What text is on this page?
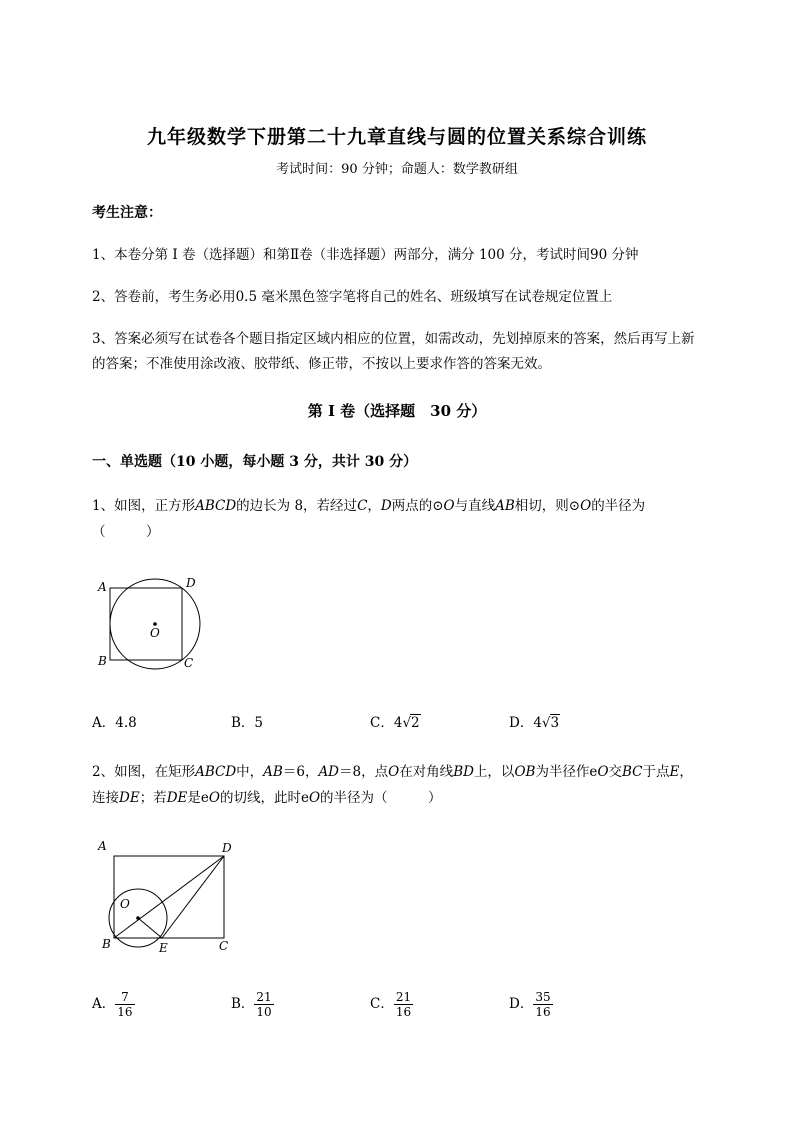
九年级数学下册第二十九章直线与圆的位置关系综合训练
考试时间：90 分钟；命题人：数学教研组
考生注意：
1、本卷分第 I 卷（选择题）和第Ⅱ卷（非选择题）两部分，满分 100 分，考试时间90 分钟
2、答卷前，考生务必用0.5 毫米黑色签字笔将自己的姓名、班级填写在试卷规定位置上
3、答案必须写在试卷各个题目指定区域内相应的位置，如需改动，先划掉原来的答案，然后再写上新
的答案；不准使用涂改液、胶带纸、修正带，不按以上要求作答的答案无效。
第 I 卷（选择题　30 分）
一、单选题（10 小题，每小题 3 分，共计 30 分）
1、如图，正方形ABCD的边长为 8，若经过C，D两点的⊙O与直线AB相切，则⊙O的半径为
（　　　）
A	D
B	C
O
A．4.8	B．5	C．4√2	D．4√3
2、如图，在矩形ABCD中，AB＝6，AD＝8，点O在对角线BD上，以OB为半径作eO交BC于点E，
连接DE；若DE是eO的切线，此时eO的半径为（　　　）
A	D
O
B	E	C
A． $\frac{7}{16}$	B． $\frac{21}{10}$	C． $\frac{21}{16}$	D． $\frac{35}{16}$
